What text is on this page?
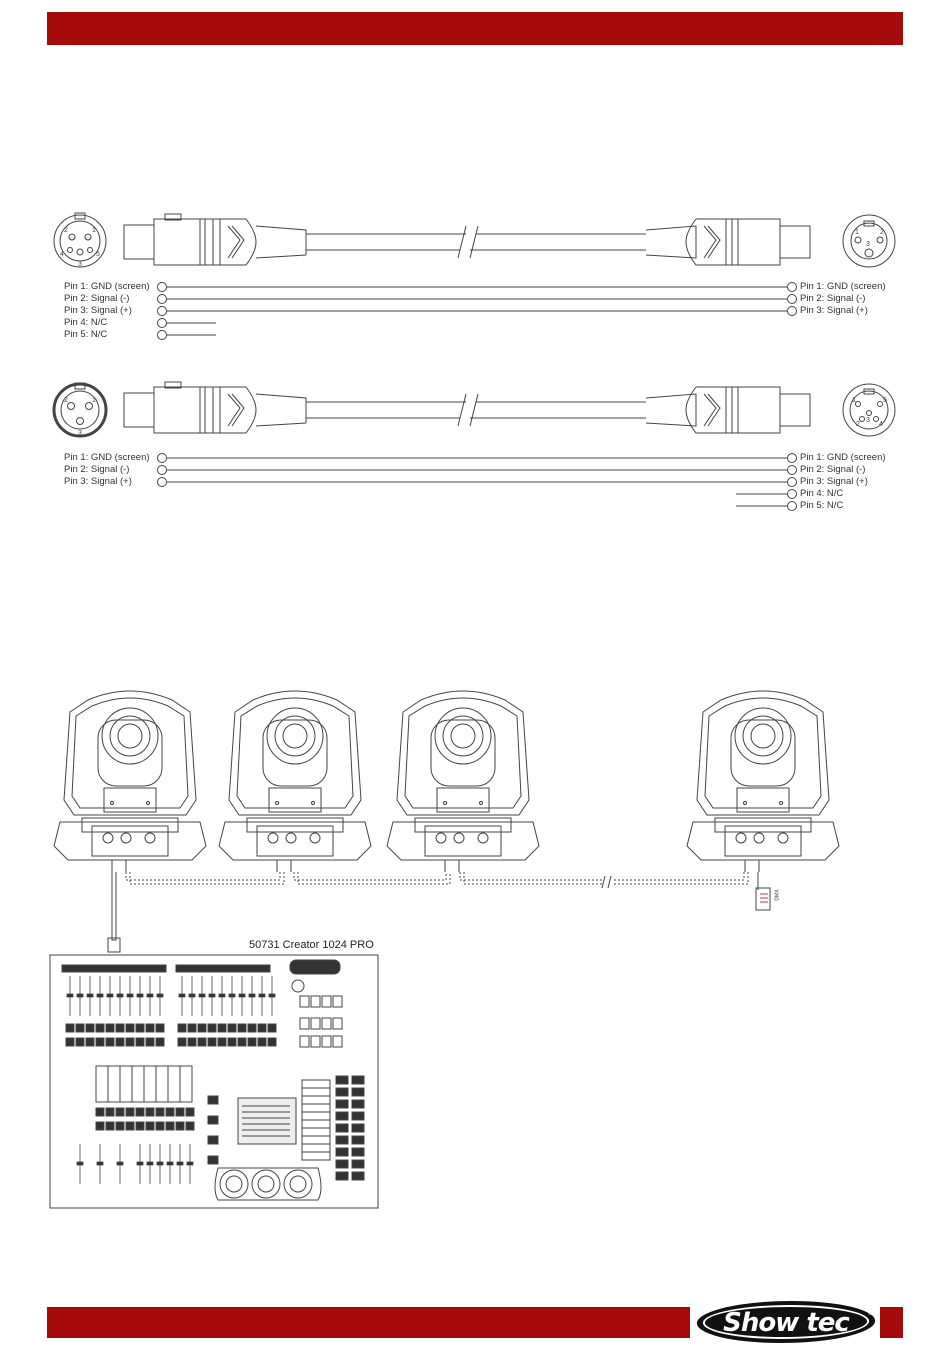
2	1
3
4	5
1	2
3
2	1
3
1	5
2	4
3
Pin 1: GND (screen)
Pin 2: Signal (-)
Pin 3: Signal (+)
Pin 4: N/C
Pin 5: N/C
Pin 1: GND (screen)
Pin 2: Signal (-)
Pin 3: Signal (+)
Pin 1: GND (screen)
Pin 2: Signal (-)
Pin 3: Signal (+)
Pin 1: GND (screen)
Pin 2: Signal (-)
Pin 3: Signal (+)
Pin 4: N/C
Pin 5: N/C
50731 Creator 1024 PRO
DMX
Show tec	®
